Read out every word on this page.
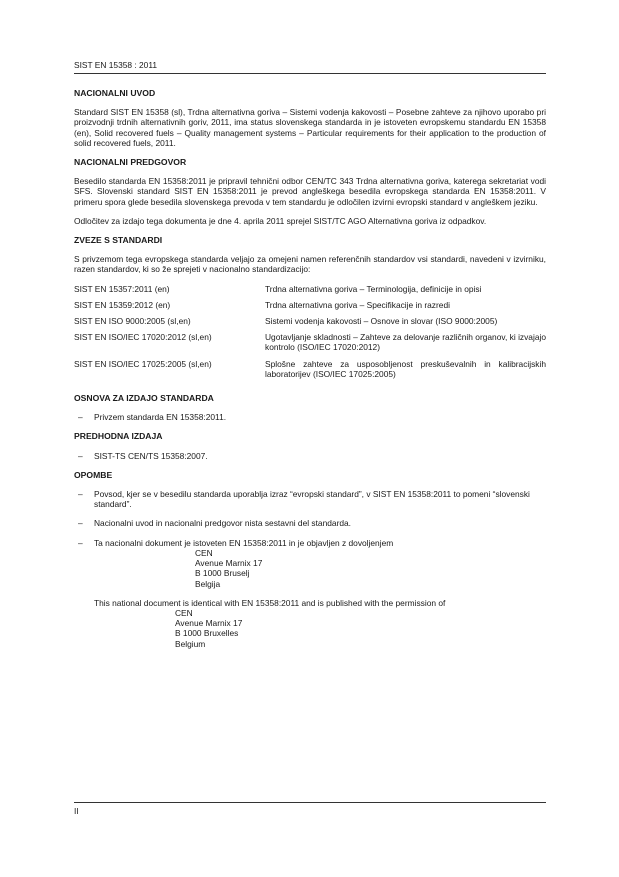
SIST EN 15358 : 2011
NACIONALNI UVOD

Standard SIST EN 15358 (sl), Trdna alternativna goriva – Sistemi vodenja kakovosti – Posebne zahteve za njihovo uporabo pri proizvodnji trdnih alternativnih goriv, 2011, ima status slovenskega standarda in je istoveten evropskemu standardu EN 15358 (en), Solid recovered fuels – Quality management systems – Particular requirements for their application to the production of solid recovered fuels, 2011.

NACIONALNI PREDGOVOR

Besedilo standarda EN 15358:2011 je pripravil tehnični odbor CEN/TC 343 Trdna alternativna goriva, katerega sekretariat vodi SFS. Slovenski standard SIST EN 15358:2011 je prevod angleškega besedila evropskega standarda EN 15358:2011. V primeru spora glede besedila slovenskega prevoda v tem standardu je odločilen izvirni evropski standard v angleškem jeziku.

Odločitev za izdajo tega dokumenta je dne 4. aprila 2011 sprejel SIST/TC AGO Alternativna goriva iz odpadkov.

ZVEZE S STANDARDI

S privzemom tega evropskega standarda veljajo za omejeni namen referenčnih standardov vsi standardi, navedeni v izvirniku, razen standardov, ki so že sprejeti v nacionalno standardizacijo:

SIST EN 15357:2011 (en)	Trdna alternativna goriva – Terminologija, definicije in opisi
SIST EN 15359:2012 (en)	Trdna alternativna goriva – Specifikacije in razredi
SIST EN ISO 9000:2005 (sl,en)	Sistemi vodenja kakovosti – Osnove in slovar (ISO 9000:2005)
SIST EN ISO/IEC 17020:2012 (sl,en)	Ugotavljanje skladnosti – Zahteve za delovanje različnih organov, ki izvajajo kontrolo (ISO/IEC 17020:2012)
SIST EN ISO/IEC 17025:2005 (sl,en)	Splošne zahteve za usposobljenost preskuševalnih in kalibracijskih laboratorijev (ISO/IEC 17025:2005)
OSNOVA ZA IZDAJO STANDARDA
– Privzem standarda EN 15358:2011.
PREDHODNA IZDAJA
– SIST-TS CEN/TS 15358:2007.
OPOMBE
– Povsod, kjer se v besedilu standarda uporablja izraz “evropski standard”, v SIST EN 15358:2011 to pomeni “slovenski standard”.
– Nacionalni uvod in nacionalni predgovor nista sestavni del standarda.
– Ta nacionalni dokument je istoveten EN 15358:2011 in je objavljen z dovoljenjem
CEN
Avenue Marnix 17
B 1000 Bruselj
Belgija
This national document is identical with EN 15358:2011 and is published with the permission of
CEN
Avenue Marnix 17
B 1000 Bruxelles
Belgium
II
